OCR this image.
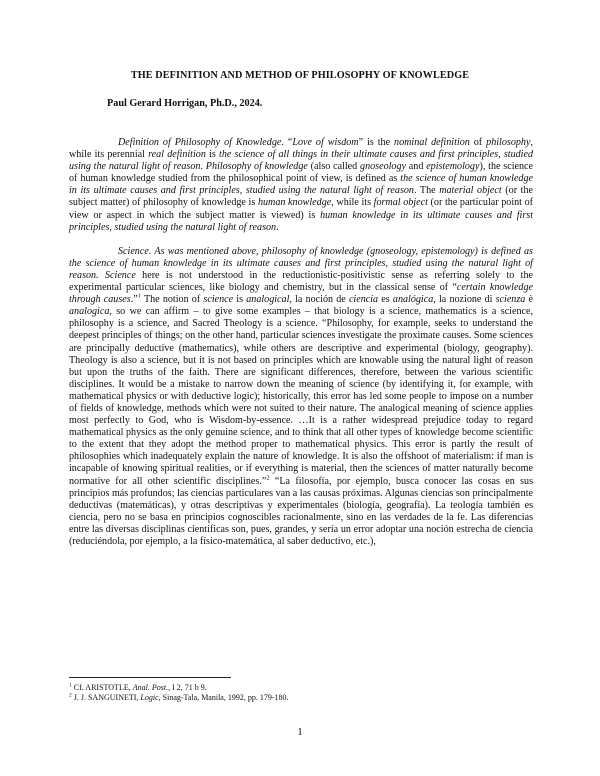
THE DEFINITION AND METHOD OF PHILOSOPHY OF KNOWLEDGE
Paul Gerard Horrigan, Ph.D., 2024.

Definition of Philosophy of Knowledge. “Love of wisdom” is the nominal definition of philosophy, while its perennial real definition is the science of all things in their ultimate causes and first principles, studied using the natural light of reason. Philosophy of knowledge (also called gnoseology and epistemology), the science of human knowledge studied from the philosophical point of view, is defined as the science of human knowledge in its ultimate causes and first principles, studied using the natural light of reason. The material object (or the subject matter) of philosophy of knowledge is human knowledge, while its formal object (or the particular point of view or aspect in which the subject matter is viewed) is human knowledge in its ultimate causes and first principles, studied using the natural light of reason.

Science. As was mentioned above, philosophy of knowledge (gnoseology, epistemology) is defined as the science of human knowledge in its ultimate causes and first principles, studied using the natural light of reason. Science here is not understood in the reductionistic-positivistic sense as referring solely to the experimental particular sciences, like biology and chemistry, but in the classical sense of “certain knowledge through causes.”$^1$ The notion of science is analogical, la noción de ciencia es analógica, la nozione di scienza è analogica, so we can affirm – to give some examples – that biology is a science, mathematics is a science, philosophy is a science, and Sacred Theology is a science. “Philosophy, for example, seeks to understand the deepest principles of things; on the other hand, particular sciences investigate the proximate causes. Some sciences are principally deductive (mathematics), while others are descriptive and experimental (biology, geography). Theology is also a science, but it is not based on principles which are knowable using the natural light of reason but upon the truths of the faith. There are significant differences, therefore, between the various scientific disciplines. It would be a mistake to narrow down the meaning of science (by identifying it, for example, with mathematical physics or with deductive logic); historically, this error has led some people to impose on a number of fields of knowledge, methods which were not suited to their nature. The analogical meaning of science applies most perfectly to God, who is Wisdom-by-essence. …It is a rather widespread prejudice today to regard mathematical physics as the only genuine science, and to think that all other types of knowledge become scientific to the extent that they adopt the method proper to mathematical physics. This error is partly the result of philosophies which inadequately explain the nature of knowledge. It is also the offshoot of materialism: if man is incapable of knowing spiritual realities, or if everything is material, then the sciences of matter naturally become normative for all other scientific disciplines.”$^2$ “La filosofía, por ejemplo, busca conocer las cosas en sus principios más profundos; las ciencias particulares van a las causas próximas. Algunas ciencias son principalmente deductivas (matemáticas), y otras descriptivas y experimentales (biología, geografía). La teología también es ciencia, pero no se basa en principios cognoscibles racionalmente, sino en las verdades de la fe. Las diferencias entre las diversas disciplinas científicas son, pues, grandes, y sería un error adoptar una noción estrecha de ciencia (reduciéndola, por ejemplo, a la físico-matemática, al saber deductivo, etc.),

$^1$ Cf. ARISTOTLE, Anal. Post., I 2, 71 b 9.
$^2$ J. J. SANGUINETI, Logic, Sinag-Tala, Manila, 1992, pp. 179-180.
1
